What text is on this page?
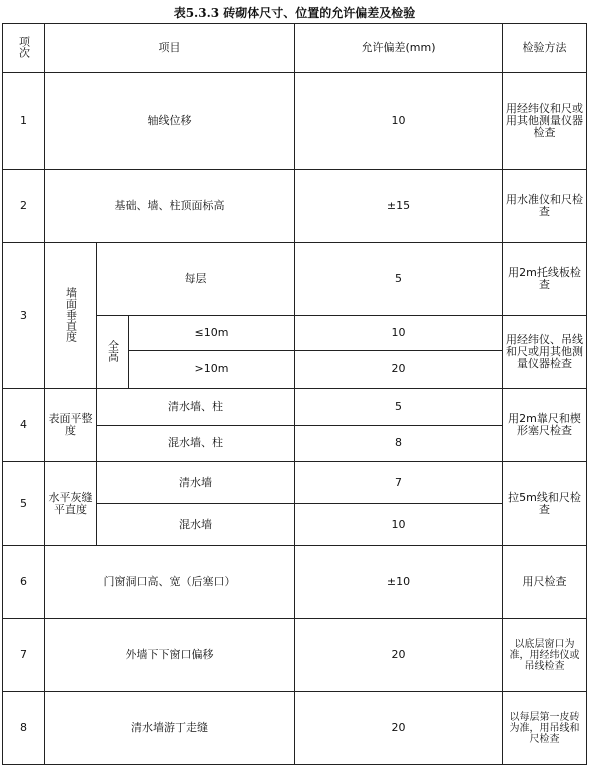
表5.3.3 砖砌体尺寸、位置的允许偏差及检验
项次	项目			允许偏差(mm)	检验方法	
1	轴线位移			10	用经纬仪和尺或用其他测量仪器检查	
2	基础、墙、柱顶面标高			±15	用水准仪和尺检查	
3	墙面垂直度	每层		5	用2m托线板检查	
		全高	≤10m	10	用经纬仪、吊线和尺或用其他测量仪器检查	
			>10m	20		
4	表面平整度	清水墙、柱		5	用2m靠尺和楔形塞尺检查	
		混水墙、柱		8		
5	水平灰缝平直度	清水墙		7	拉5m线和尺检查	
		混水墙		10		
6	门窗洞口高、宽（后塞口）			±10	用尺检查	
7	外墙下下窗口偏移			20	以底层窗口为准，用经纬仪或吊线检查	
8	清水墙游丁走缝			20	以每层第一皮砖为准，用吊线和尺检查	
